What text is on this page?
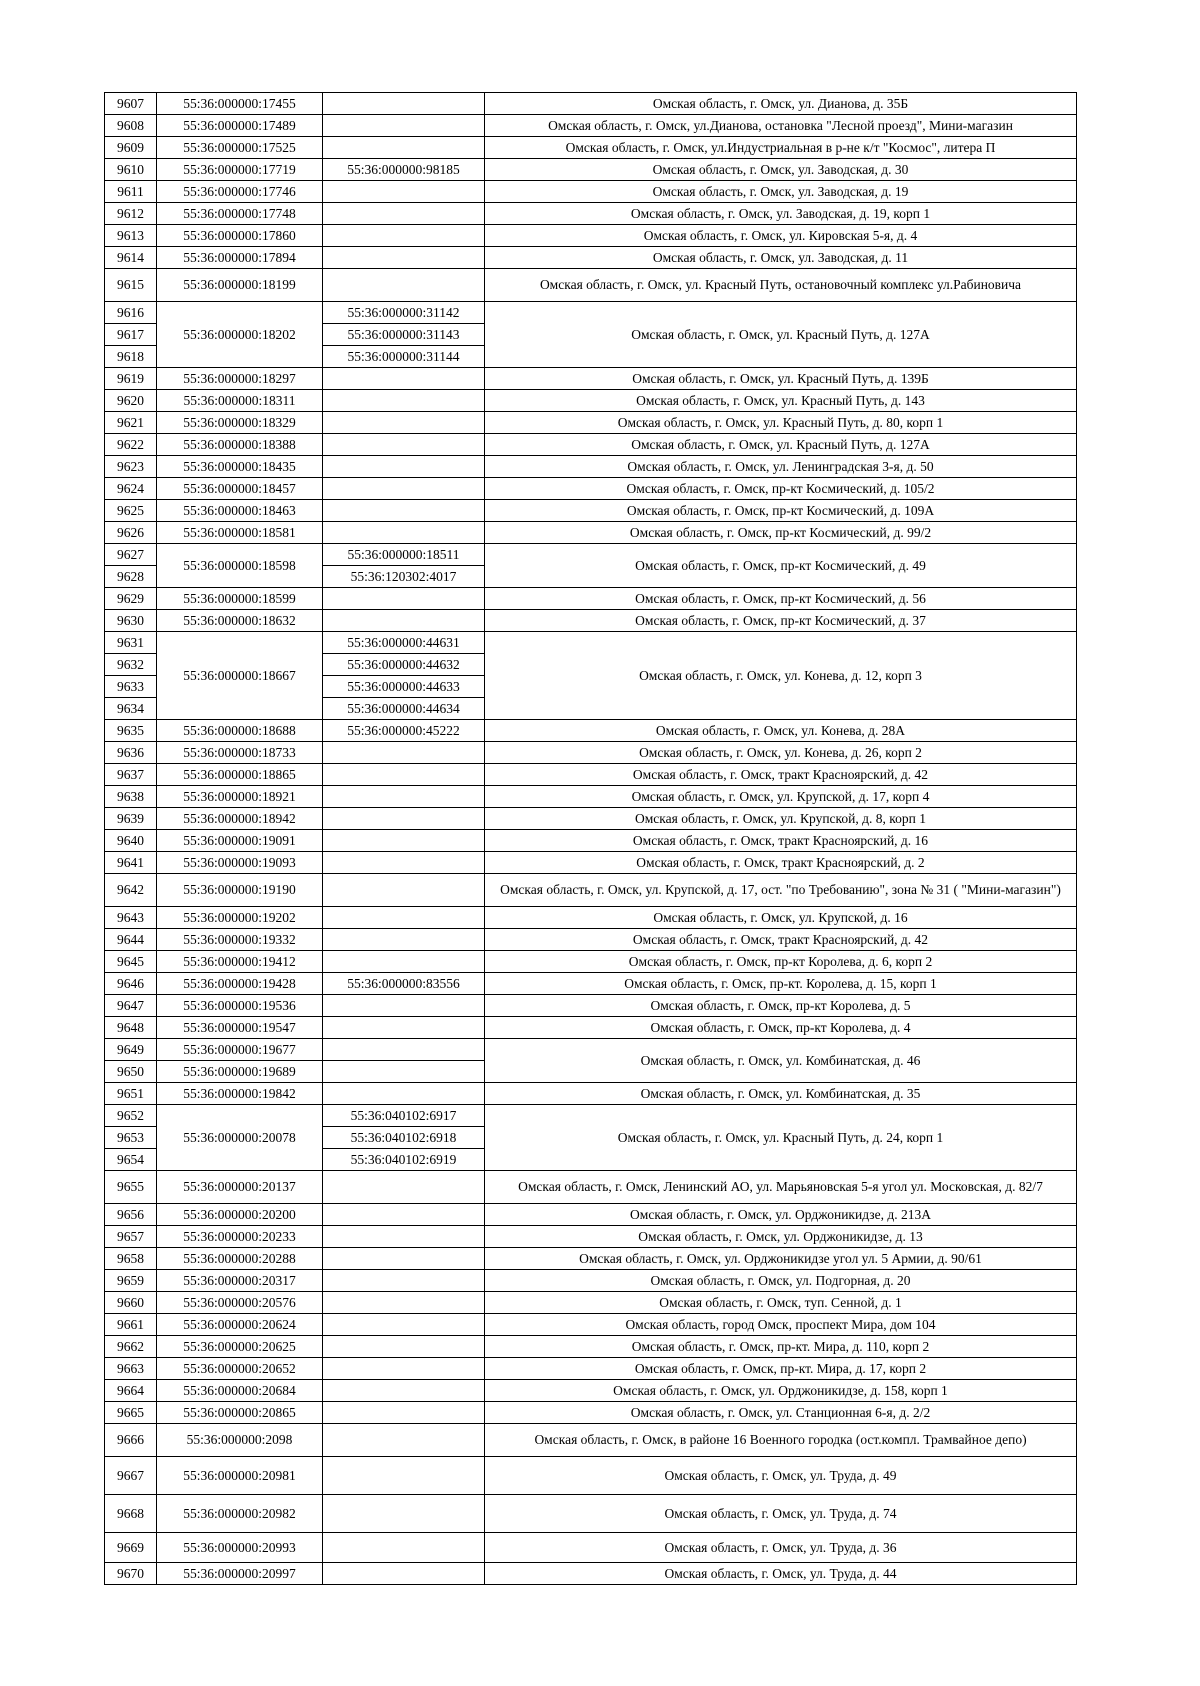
9607	55:36:000000:17455		Омская область, г. Омск, ул. Дианова, д. 35Б
9608	55:36:000000:17489		Омская область, г. Омск, ул.Дианова, остановка "Лесной проезд", Мини-магазин
9609	55:36:000000:17525		Омская область, г. Омск, ул.Индустриальная в р-не к/т "Космос", литера П
9610	55:36:000000:17719	55:36:000000:98185	Омская область, г. Омск, ул. Заводская, д. 30
9611	55:36:000000:17746		Омская область, г. Омск, ул. Заводская, д. 19
9612	55:36:000000:17748		Омская область, г. Омск, ул. Заводская, д. 19, корп 1
9613	55:36:000000:17860		Омская область, г. Омск, ул. Кировская 5-я, д. 4
9614	55:36:000000:17894		Омская область, г. Омск, ул. Заводская, д. 11
9615	55:36:000000:18199		Омская область, г. Омск, ул. Красный Путь, остановочный комплекс ул.Рабиновича
9616	55:36:000000:18202	55:36:000000:31142	Омская область, г. Омск, ул. Красный Путь, д. 127А
9617		55:36:000000:31143	
9618		55:36:000000:31144	
9619	55:36:000000:18297		Омская область, г. Омск, ул. Красный Путь, д. 139Б
9620	55:36:000000:18311		Омская область, г. Омск, ул. Красный Путь, д. 143
9621	55:36:000000:18329		Омская область, г. Омск, ул. Красный Путь, д. 80, корп 1
9622	55:36:000000:18388		Омская область, г. Омск, ул. Красный Путь, д. 127А
9623	55:36:000000:18435		Омская область, г. Омск, ул. Ленинградская 3-я, д. 50
9624	55:36:000000:18457		Омская область, г. Омск, пр-кт Космический, д. 105/2
9625	55:36:000000:18463		Омская область, г. Омск, пр-кт Космический, д. 109А
9626	55:36:000000:18581		Омская область, г. Омск, пр-кт Космический, д. 99/2
9627	55:36:000000:18598	55:36:000000:18511	Омская область, г. Омск, пр-кт Космический, д. 49
9628		55:36:120302:4017	
9629	55:36:000000:18599		Омская область, г. Омск, пр-кт Космический, д. 56
9630	55:36:000000:18632		Омская область, г. Омск, пр-кт Космический, д. 37
9631	55:36:000000:18667	55:36:000000:44631	Омская область, г. Омск, ул. Конева, д. 12, корп 3
9632		55:36:000000:44632	
9633		55:36:000000:44633	
9634		55:36:000000:44634	
9635	55:36:000000:18688	55:36:000000:45222	Омская область, г. Омск, ул. Конева, д. 28А
9636	55:36:000000:18733		Омская область, г. Омск, ул. Конева, д. 26, корп 2
9637	55:36:000000:18865		Омская область, г. Омск, тракт Красноярский, д. 42
9638	55:36:000000:18921		Омская область, г. Омск, ул. Крупской, д. 17, корп 4
9639	55:36:000000:18942		Омская область, г. Омск, ул. Крупской, д. 8, корп 1
9640	55:36:000000:19091		Омская область, г. Омск, тракт Красноярский, д. 16
9641	55:36:000000:19093		Омская область, г. Омск, тракт Красноярский, д. 2
9642	55:36:000000:19190		Омская область, г. Омск, ул. Крупской, д. 17, ост. "по Требованию", зона № 31 ( "Мини-магазин")
9643	55:36:000000:19202		Омская область, г. Омск, ул. Крупской, д. 16
9644	55:36:000000:19332		Омская область, г. Омск, тракт Красноярский, д. 42
9645	55:36:000000:19412		Омская область, г. Омск, пр-кт Королева, д. 6, корп 2
9646	55:36:000000:19428	55:36:000000:83556	Омская область, г. Омск, пр-кт. Королева, д. 15, корп 1
9647	55:36:000000:19536		Омская область, г. Омск, пр-кт Королева, д. 5
9648	55:36:000000:19547		Омская область, г. Омск, пр-кт Королева, д. 4
9649	55:36:000000:19677		Омская область, г. Омск, ул. Комбинатская, д. 46
9650	55:36:000000:19689		
9651	55:36:000000:19842		Омская область, г. Омск, ул. Комбинатская, д. 35
9652	55:36:000000:20078	55:36:040102:6917	Омская область, г. Омск, ул. Красный Путь, д. 24, корп 1
9653		55:36:040102:6918	
9654		55:36:040102:6919	
9655	55:36:000000:20137		Омская область, г. Омск, Ленинский АО, ул. Марьяновская 5-я угол ул. Московская, д. 82/7
9656	55:36:000000:20200		Омская область, г. Омск, ул. Орджоникидзе, д. 213А
9657	55:36:000000:20233		Омская область, г. Омск, ул. Орджоникидзе, д. 13
9658	55:36:000000:20288		Омская область, г. Омск, ул. Орджоникидзе угол ул. 5 Армии, д. 90/61
9659	55:36:000000:20317		Омская область, г. Омск, ул. Подгорная, д. 20
9660	55:36:000000:20576		Омская область, г. Омск, туп. Сенной, д. 1
9661	55:36:000000:20624		Омская область, город Омск, проспект Мира, дом 104
9662	55:36:000000:20625		Омская область, г. Омск, пр-кт. Мира, д. 110, корп 2
9663	55:36:000000:20652		Омская область, г. Омск, пр-кт. Мира, д. 17, корп 2
9664	55:36:000000:20684		Омская область, г. Омск, ул. Орджоникидзе, д. 158, корп 1
9665	55:36:000000:20865		Омская область, г. Омск, ул. Станционная 6-я, д. 2/2
9666	55:36:000000:2098		Омская область, г. Омск, в районе 16 Военного городка (ост.компл. Трамвайное депо)
9667	55:36:000000:20981		Омская область, г. Омск, ул. Труда, д. 49
9668	55:36:000000:20982		Омская область, г. Омск, ул. Труда, д. 74
9669	55:36:000000:20993		Омская область, г. Омск, ул. Труда, д. 36
9670	55:36:000000:20997		Омская область, г. Омск, ул. Труда, д. 44
